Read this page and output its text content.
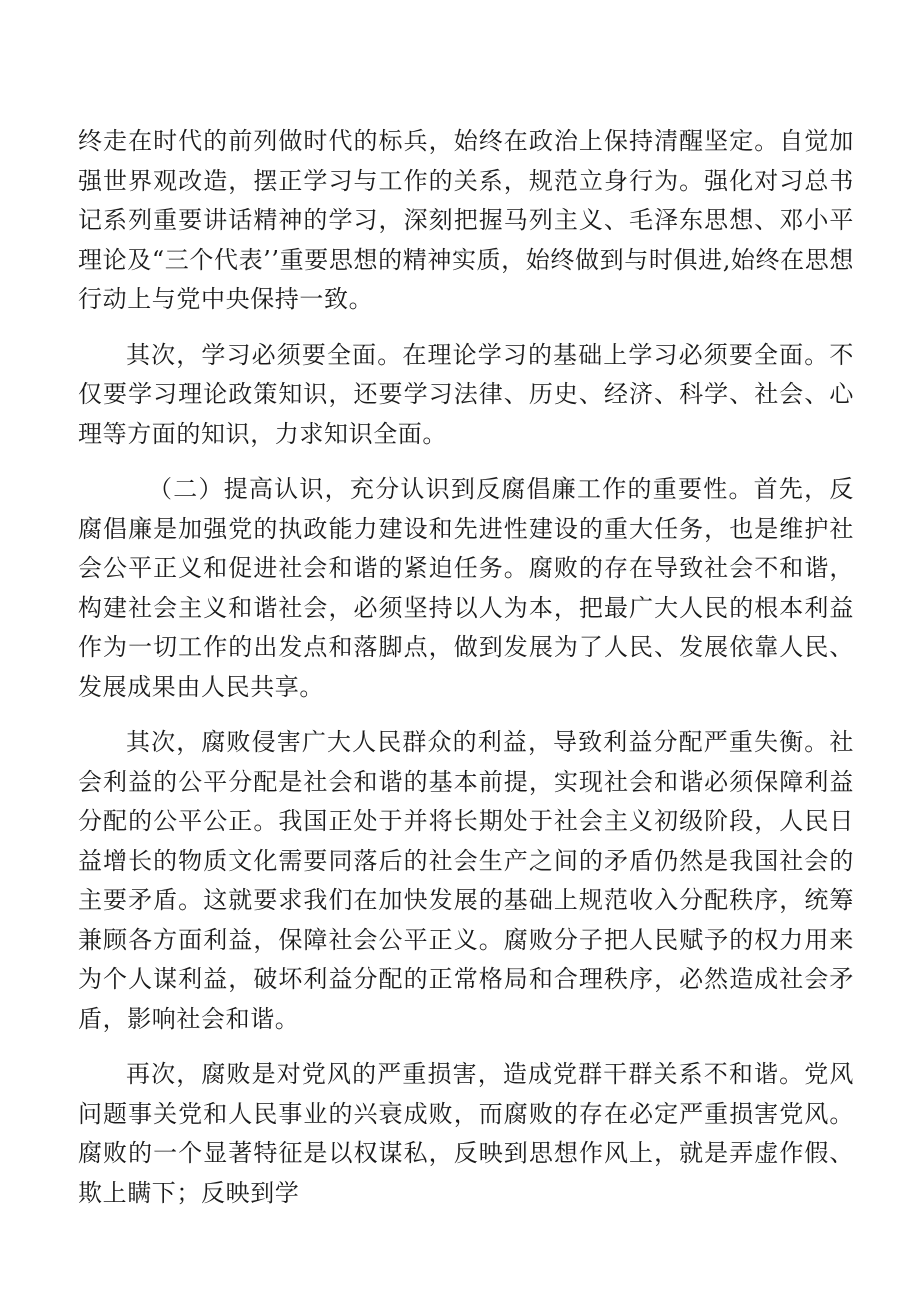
终走在时代的前列做时代的标兵，始终在政治上保持清醒坚定。自觉加强世界观改造，摆正学习与工作的关系，规范立身行为。强化对习总书记系列重要讲话精神的学习，深刻把握马列主义、毛泽东思想、邓小平理论及“三个代表’’重要思想的精神实质，始终做到与时俱进,始终在思想行动上与党中央保持一致。

其次，学习必须要全面。在理论学习的基础上学习必须要全面。不仅要学习理论政策知识，还要学习法律、历史、经济、科学、社会、心理等方面的知识，力求知识全面。

（二）提高认识，充分认识到反腐倡廉工作的重要性。首先，反腐倡廉是加强党的执政能力建设和先进性建设的重大任务，也是维护社会公平正义和促进社会和谐的紧迫任务。腐败的存在导致社会不和谐，构建社会主义和谐社会，必须坚持以人为本，把最广大人民的根本利益作为一切工作的出发点和落脚点，做到发展为了人民、发展依靠人民、发展成果由人民共享。

其次，腐败侵害广大人民群众的利益，导致利益分配严重失衡。社会利益的公平分配是社会和谐的基本前提，实现社会和谐必须保障利益分配的公平公正。我国正处于并将长期处于社会主义初级阶段，人民日益增长的物质文化需要同落后的社会生产之间的矛盾仍然是我国社会的主要矛盾。这就要求我们在加快发展的基础上规范收入分配秩序，统筹兼顾各方面利益，保障社会公平正义。腐败分子把人民赋予的权力用来为个人谋利益，破坏利益分配的正常格局和合理秩序，必然造成社会矛盾，影响社会和谐。

再次，腐败是对党风的严重损害，造成党群干群关系不和谐。党风问题事关党和人民事业的兴衰成败，而腐败的存在必定严重损害党风。腐败的一个显著特征是以权谋私，反映到思想作风上，就是弄虚作假、欺上瞒下；反映到学
